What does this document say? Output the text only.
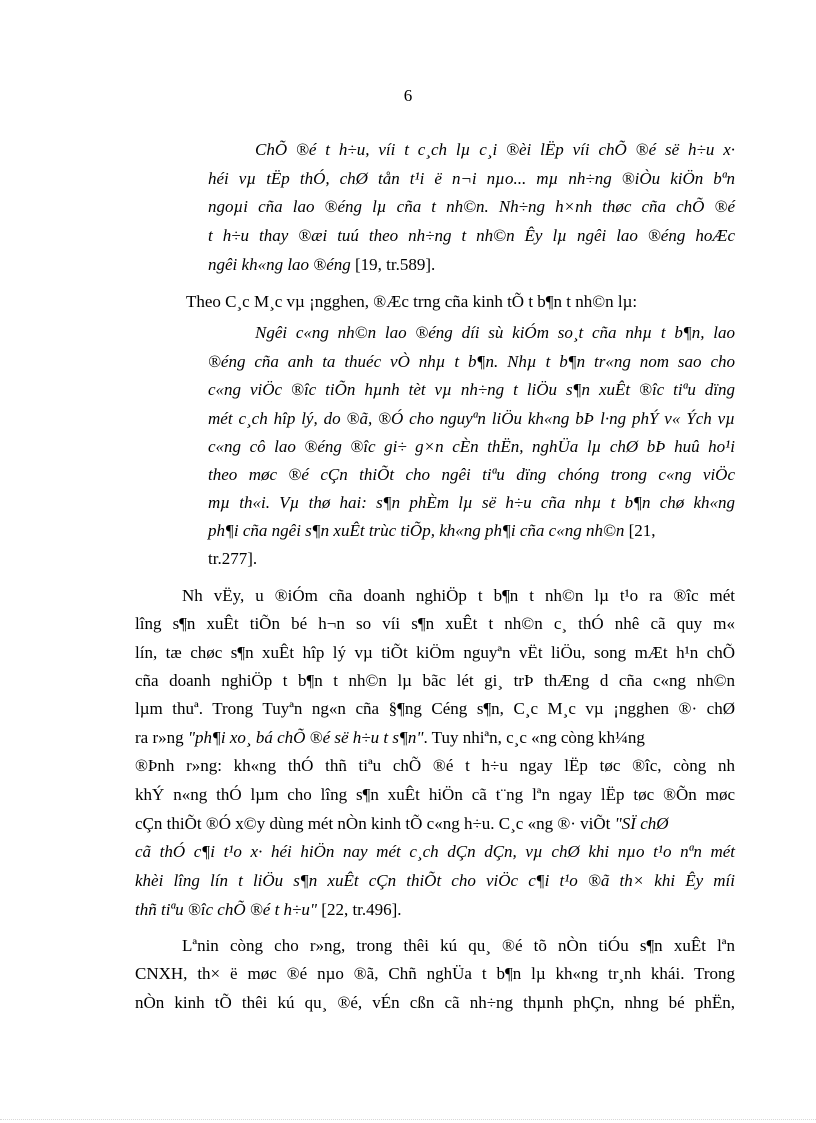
6
ChÕ ®é t h÷u, víi t c¸ch lµ c¸i ®èi lËp víi chÕ ®é së h÷u x·
héi vµ tËp thÓ, chØ tån t¹i ë n¬i nµo... mµ nh÷ng ®iÒu kiÖn bªn
ngoµi cña lao ®éng lµ cña t nh©n. Nh÷ng h×nh thøc cña chÕ ®é
t h÷u thay ®æi tuú theo nh÷ng t nh©n Êy lµ ngêi lao ®éng hoÆc
ngêi kh«ng lao ®éng [19, tr.589].
Theo C¸c M¸c vµ ¡ngghen, ®Æc trng cña kinh tÕ t b¶n t nh©n lµ:
Ngêi c«ng nh©n lao ®éng díi sù kiÓm so¸t cña nhµ t b¶n, lao
®éng cña anh ta thuéc vÒ nhµ t b¶n. Nhµ t b¶n tr«ng nom sao cho
c«ng viÖc ®îc tiÕn hµnh tèt vµ nh÷ng t liÖu s¶n xuÊt ®îc tiªu dïng
mét c¸ch hîp lý, do ®ã, ®Ó cho nguyªn liÖu kh«ng bÞ l·ng phÝ v« Ých vµ
c«ng cô lao ®éng ®îc gi÷ g×n cÈn thËn, nghÜa lµ chØ bÞ huû ho¹i
theo møc ®é cÇn thiÕt cho ngêi tiªu dïng chóng trong c«ng viÖc
mµ th«i. Vµ thø hai: s¶n phÈm lµ së h÷u cña nhµ t b¶n chø kh«ng
ph¶i cña ngêi s¶n xuÊt trùc tiÕp, kh«ng ph¶i cña c«ng nh©n [21,
tr.277].
Nh vËy, u ®iÓm cña doanh nghiÖp t b¶n t nh©n lµ t¹o ra ®îc mét
lîng s¶n xuÊt tiÕn bé h¬n so víi s¶n xuÊt t nh©n c¸ thÓ nhê cã quy m«
lín, tæ chøc s¶n xuÊt hîp lý vµ tiÕt kiÖm nguyªn vËt liÖu, song mÆt h¹n chÕ
cña doanh nghiÖp t b¶n t nh©n lµ bãc lét gi¸ trÞ thÆng d cña c«ng nh©n
lµm thuª. Trong Tuyªn ng«n cña §¶ng Céng s¶n, C¸c M¸c vµ ¡ngghen ®· chØ
ra r»ng "ph¶i xo¸ bá chÕ ®é së h÷u t s¶n". Tuy nhiªn, c¸c «ng còng kh¼ng
®Þnh r»ng: kh«ng thÓ thñ tiªu chÕ ®é t h÷u ngay lËp tøc ®îc, còng nh
khÝ n«ng thÓ lµm cho lîng s¶n xuÊt hiÖn cã t¨ng lªn ngay lËp tøc ®Õn møc
cÇn thiÕt ®Ó x©y dùng mét nÒn kinh tÕ c«ng h÷u. C¸c «ng ®· viÕt "SÏ chØ
cã thÓ c¶i t¹o x· héi hiÖn nay mét c¸ch dÇn dÇn, vµ chØ khi nµo t¹o nªn mét
khèi lîng lín t liÖu s¶n xuÊt cÇn thiÕt cho viÖc c¶i t¹o ®ã th× khi Êy míi
thñ tiªu ®îc chÕ ®é t h÷u" [22, tr.496].
Lªnin còng cho r»ng, trong thêi kú qu¸ ®é tõ nÒn tiÓu s¶n xuÊt lªn
CNXH, th× ë møc ®é nµo ®ã, Chñ nghÜa t b¶n lµ kh«ng tr¸nh khái. Trong
nÒn kinh tÕ thêi kú qu¸ ®é, vÉn cßn cã nh÷ng thµnh phÇn, nhng bé phËn,
